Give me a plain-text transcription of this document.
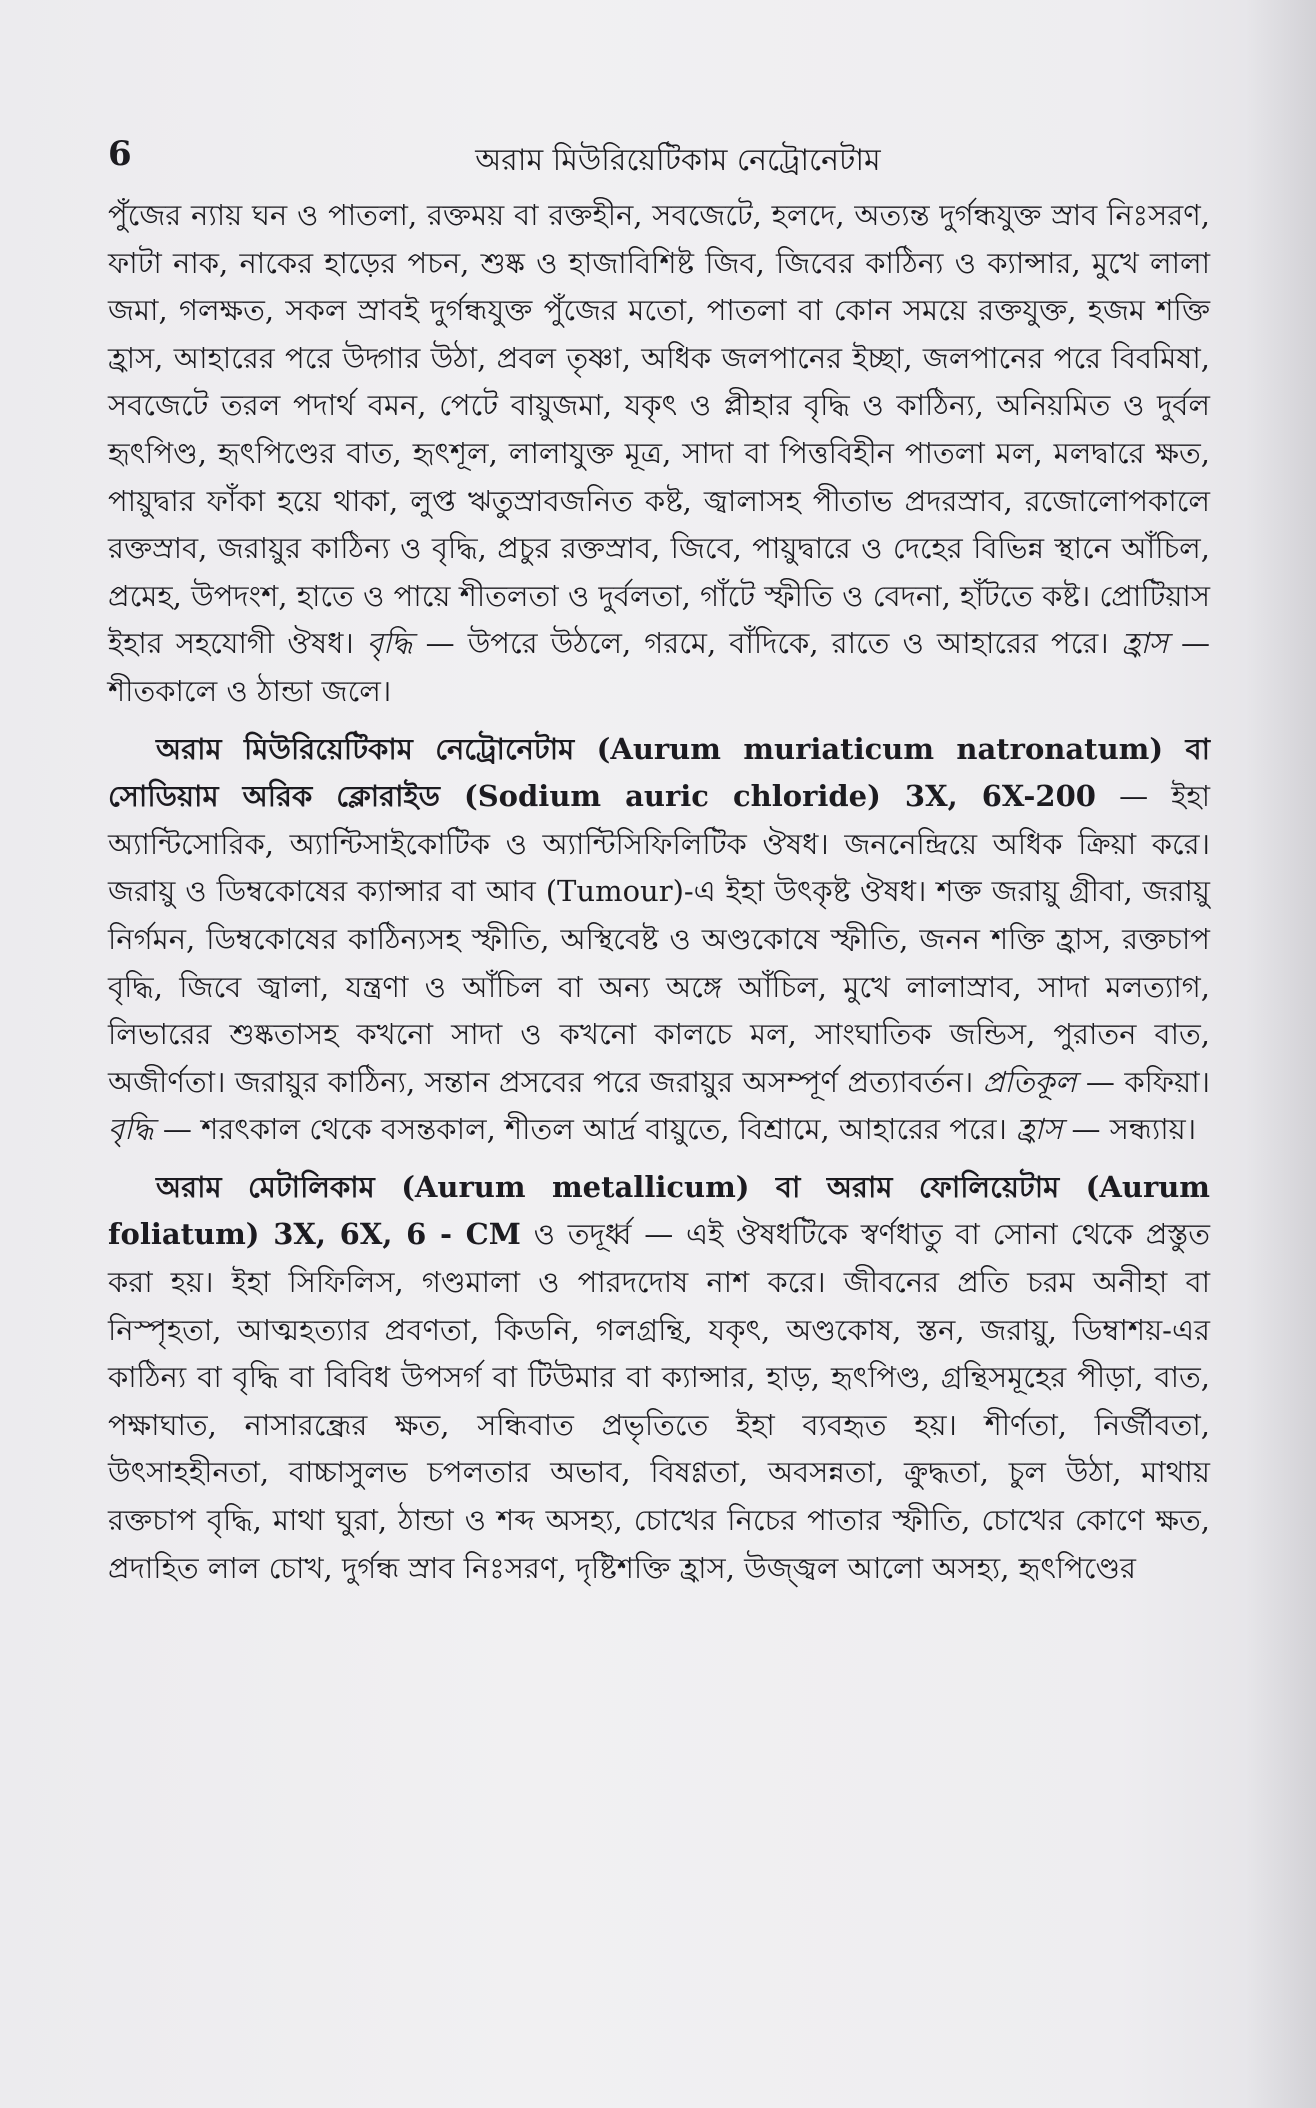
6	অরাম মিউরিয়েটিকাম নেট্রোনেটাম

পুঁজের ন্যায় ঘন ও পাতলা, রক্তময় বা রক্তহীন, সবজেটে, হলদে, অত্যন্ত দুর্গন্ধযুক্ত স্রাব নিঃসরণ, ফাটা নাক, নাকের হাড়ের পচন, শুষ্ক ও হাজাবিশিষ্ট জিব, জিবের কাঠিন্য ও ক্যান্সার, মুখে লালা জমা, গলক্ষত, সকল স্রাবই দুর্গন্ধযুক্ত পুঁজের মতো, পাতলা বা কোন সময়ে রক্তযুক্ত, হজম শক্তি হ্রাস, আহারের পরে উদ্গার উঠা, প্রবল তৃষ্ণা, অধিক জলপানের ইচ্ছা, জলপানের পরে বিবমিষা, সবজেটে তরল পদার্থ বমন, পেটে বায়ুজমা, যকৃৎ ও প্লীহার বৃদ্ধি ও কাঠিন্য, অনিয়মিত ও দুর্বল হৃৎপিণ্ড, হৃৎপিণ্ডের বাত, হৃৎশূল, লালাযুক্ত মূত্র, সাদা বা পিত্তবিহীন পাতলা মল, মলদ্বারে ক্ষত, পায়ুদ্বার ফাঁকা হয়ে থাকা, লুপ্ত ঋতুস্রাবজনিত কষ্ট, জ্বালাসহ পীতাভ প্রদরস্রাব, রজোলোপকালে রক্তস্রাব, জরায়ুর কাঠিন্য ও বৃদ্ধি, প্রচুর রক্তস্রাব, জিবে, পায়ুদ্বারে ও দেহের বিভিন্ন স্থানে আঁচিল, প্রমেহ, উপদংশ, হাতে ও পায়ে শীতলতা ও দুর্বলতা, গাঁটে স্ফীতি ও বেদনা, হাঁটতে কষ্ট। প্রোটিয়াস ইহার সহযোগী ঔষধ। বৃদ্ধি — উপরে উঠলে, গরমে, বাঁদিকে, রাতে ও আহারের পরে। হ্রাস — শীতকালে ও ঠান্ডা জলে।

অরাম মিউরিয়েটিকাম নেট্রোনেটাম (Aurum muriaticum natronatum) বা সোডিয়াম অরিক ক্লোরাইড (Sodium auric chloride) 3X, 6X-200 — ইহা অ্যান্টিসোরিক, অ্যান্টিসাইকোটিক ও অ্যান্টিসিফিলিটিক ঔষধ। জননেন্দ্রিয়ে অধিক ক্রিয়া করে। জরায়ু ও ডিম্বকোষের ক্যান্সার বা আব (Tumour)-এ ইহা উৎকৃষ্ট ঔষধ। শক্ত জরায়ু গ্রীবা, জরায়ু নির্গমন, ডিম্বকোষের কাঠিন্যসহ স্ফীতি, অস্থিবেষ্ট ও অণ্ডকোষে স্ফীতি, জনন শক্তি হ্রাস, রক্তচাপ বৃদ্ধি, জিবে জ্বালা, যন্ত্রণা ও আঁচিল বা অন্য অঙ্গে আঁচিল, মুখে লালাস্রাব, সাদা মলত্যাগ, লিভারের শুষ্কতাসহ কখনো সাদা ও কখনো কালচে মল, সাংঘাতিক জন্ডিস, পুরাতন বাত, অজীর্ণতা। জরায়ুর কাঠিন্য, সন্তান প্রসবের পরে জরায়ুর অসম্পূর্ণ প্রত্যাবর্তন। প্রতিকূল — কফিয়া। বৃদ্ধি — শরৎকাল থেকে বসন্তকাল, শীতল আর্দ্র বায়ুতে, বিশ্রামে, আহারের পরে। হ্রাস — সন্ধ্যায়।

অরাম মেটালিকাম (Aurum metallicum) বা অরাম ফোলিয়েটাম (Aurum foliatum) 3X, 6X, 6 - CM ও তদূর্ধ্ব — এই ঔষধটিকে স্বর্ণধাতু বা সোনা থেকে প্রস্তুত করা হয়। ইহা সিফিলিস, গণ্ডমালা ও পারদদোষ নাশ করে। জীবনের প্রতি চরম অনীহা বা নিস্পৃহতা, আত্মহত্যার প্রবণতা, কিডনি, গলগ্রন্থি, যকৃৎ, অণ্ডকোষ, স্তন, জরায়ু, ডিম্বাশয়-এর কাঠিন্য বা বৃদ্ধি বা বিবিধ উপসর্গ বা টিউমার বা ক্যান্সার, হাড়, হৃৎপিণ্ড, গ্রন্থিসমূহের পীড়া, বাত, পক্ষাঘাত, নাসারন্ধ্রের ক্ষত, সন্ধিবাত প্রভৃতিতে ইহা ব্যবহৃত হয়। শীর্ণতা, নির্জীবতা, উৎসাহহীনতা, বাচ্চাসুলভ চপলতার অভাব, বিষণ্ণতা, অবসন্নতা, ক্রুদ্ধতা, চুল উঠা, মাথায় রক্তচাপ বৃদ্ধি, মাথা ঘুরা, ঠান্ডা ও শব্দ অসহ্য, চোখের নিচের পাতার স্ফীতি, চোখের কোণে ক্ষত, প্রদাহিত লাল চোখ, দুর্গন্ধ স্রাব নিঃসরণ, দৃষ্টিশক্তি হ্রাস, উজ্জ্বল আলো অসহ্য, হৃৎপিণ্ডের
